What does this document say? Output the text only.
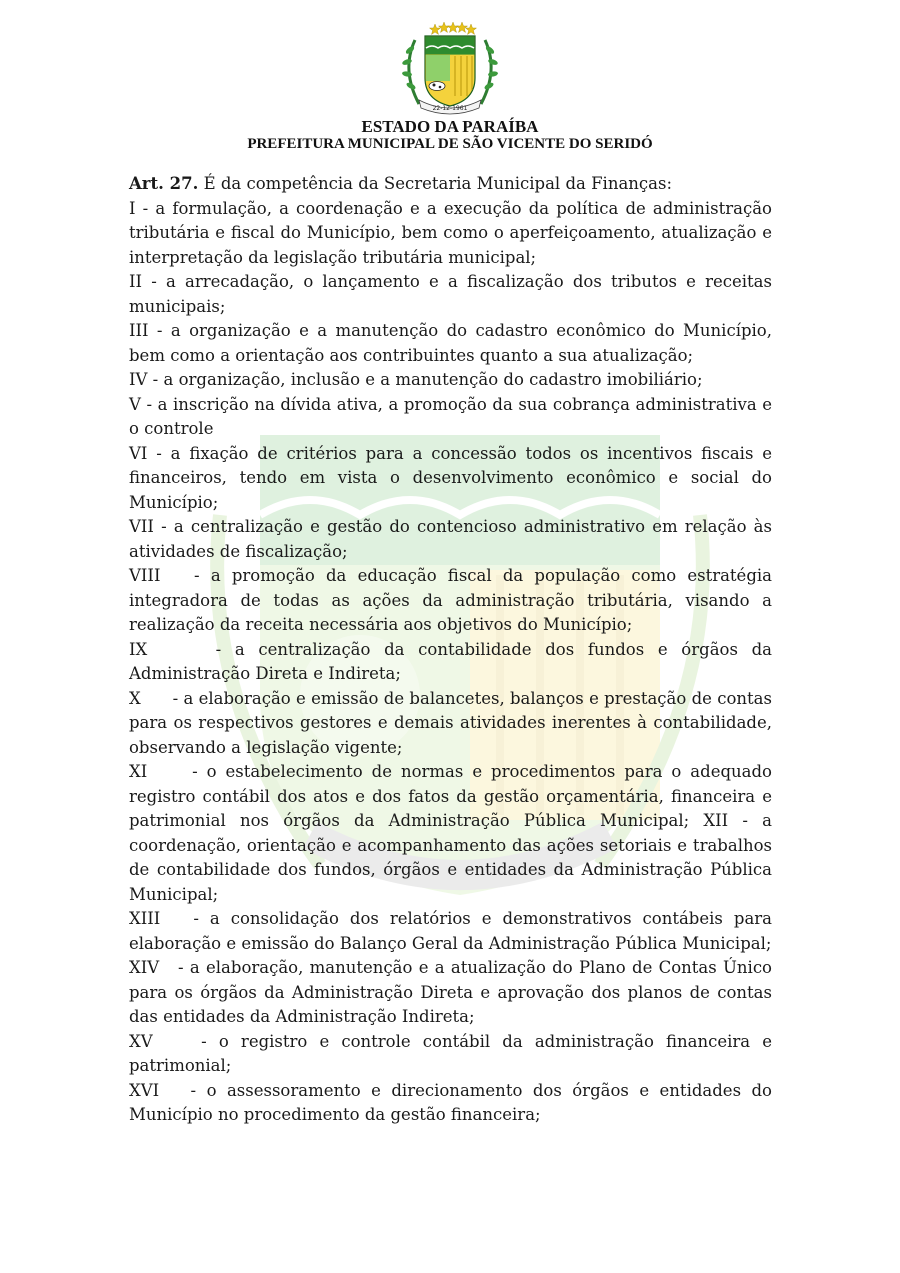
22-12-1961
ESTADO DA PARAÍBA
PREFEITURA MUNICIPAL DE SÃO VICENTE DO SERIDÓ

Art. 27. É da competência da Secretaria Municipal da Finanças:

I - a formulação, a coordenação e a execução da política de administração tributária e fiscal do Município, bem como o aperfeiçoamento, atualização e interpretação da legislação tributária municipal;

II - a arrecadação, o lançamento e a fiscalização dos tributos e receitas municipais;

III - a organização e a manutenção do cadastro econômico do Município, bem como a orientação aos contribuintes quanto a sua atualização;

IV - a organização, inclusão e a manutenção do cadastro imobiliário;

V - a inscrição na dívida ativa, a promoção da sua cobrança administrativa e o controle

VI - a fixação de critérios para a concessão todos os incentivos fiscais e financeiros, tendo em vista o desenvolvimento econômico e social do Município;

VII - a centralização e gestão do contencioso administrativo em relação às atividades de fiscalização;

VIII   - a promoção da educação fiscal da população como estratégia integradora de todas as ações da administração tributária, visando a realização da receita necessária aos objetivos do Município;

IX     - a centralização da contabilidade dos fundos e órgãos da Administração Direta e Indireta;

X      - a elaboração e emissão de balancetes, balanços e prestação de contas para os respectivos gestores e demais atividades inerentes à contabilidade, observando a legislação vigente;

XI     - o estabelecimento de normas e procedimentos para o adequado registro contábil dos atos e dos fatos da gestão orçamentária, financeira e patrimonial nos órgãos da Administração Pública Municipal; XII - a coordenação, orientação e acompanhamento das ações setoriais e trabalhos de contabilidade dos fundos, órgãos e entidades da Administração Pública Municipal;

XIII   - a consolidação dos relatórios e demonstrativos contábeis para elaboração e emissão do Balanço Geral da Administração Pública Municipal;

XIV   - a elaboração, manutenção e a atualização do Plano de Contas Único para os órgãos da Administração Direta e aprovação dos planos de contas das entidades da Administração Indireta;

XV    - o registro e controle contábil da administração financeira e patrimonial;

XVI   - o assessoramento e direcionamento dos órgãos e entidades do Município no procedimento da gestão financeira;
